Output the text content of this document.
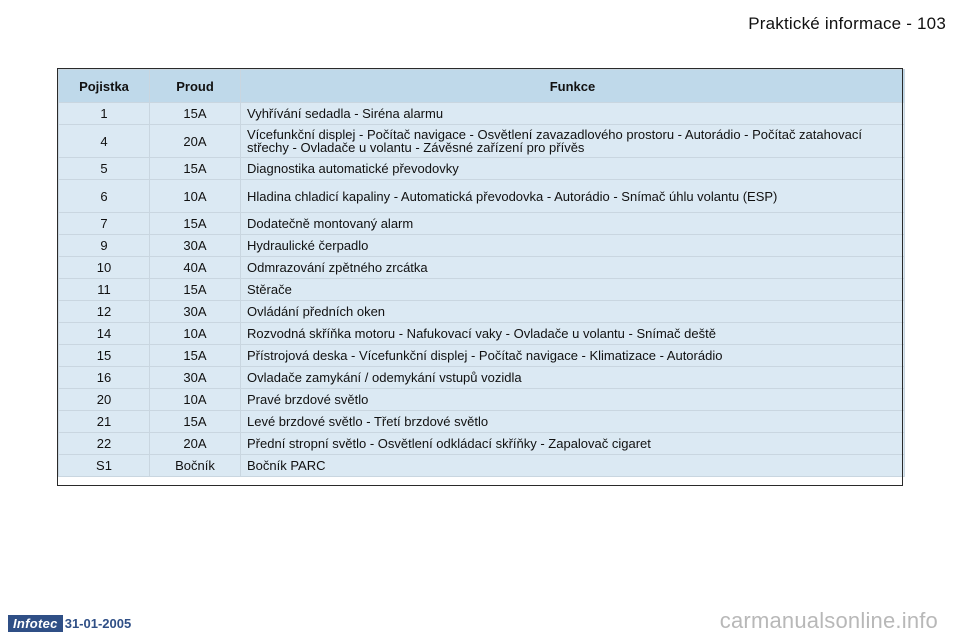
Praktické informace - 103
Pojistka	Proud	Funkce
1	15A	Vyhřívání sedadla - Siréna alarmu
4	20A	Vícefunkční displej - Počítač navigace - Osvětlení zavazadlového prostoru - Autorádio - Počítač zatahovací střechy - Ovladače u volantu - Závěsné zařízení pro přívěs
5	15A	Diagnostika automatické převodovky
6	10A	Hladina chladicí kapaliny - Automatická převodovka - Autorádio - Snímač úhlu volantu (ESP)
7	15A	Dodatečně montovaný alarm
9	30A	Hydraulické čerpadlo
10	40A	Odmrazování zpětného zrcátka
11	15A	Stěrače
12	30A	Ovládání předních oken
14	10A	Rozvodná skříňka motoru - Nafukovací vaky - Ovladače u volantu - Snímač deště
15	15A	Přístrojová deska - Vícefunkční displej - Počítač navigace - Klimatizace - Autorádio
16	30A	Ovladače zamykání / odemykání vstupů vozidla
20	10A	Pravé brzdové světlo
21	15A	Levé brzdové světlo - Třetí brzdové světlo
22	20A	Přední stropní světlo - Osvětlení odkládací skříňky - Zapalovač cigaret
S1	Bočník	Bočník PARC
Infotec 31-01-2005	carmanualsonline.info
